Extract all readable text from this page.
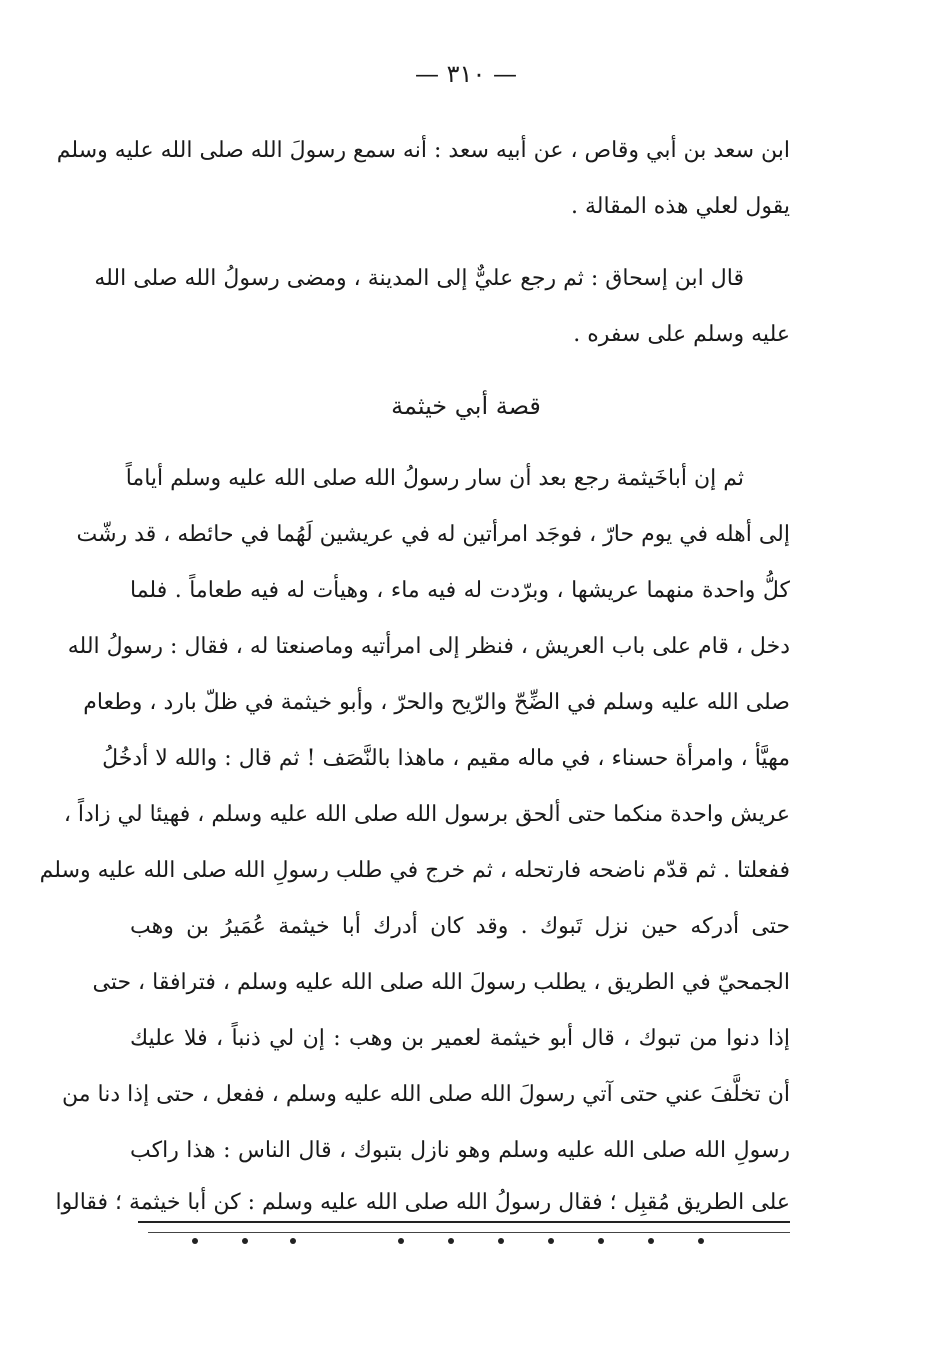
— ٣١٠ —
ابن سعد بن أبي وقاص ، عن أبيه سعد : أنه سمع رسولَ الله صلى الله عليه وسلم
يقول لعلي هذه المقالة .
قال ابن إسحاق : ثم رجع عليٌّ إلى المدينة ، ومضى رسولُ الله صلى الله
عليه وسلم على سفره .
قصة أبي خيثمة
ثم إن أباخَيثمة رجع بعد أن سار رسولُ الله صلى الله عليه وسلم أياماً
إلى أهله في يوم حارّ ، فوجَد امرأتين له في عريشين لَهُما في حائطه ، قد رشّت
كلُّ واحدة منهما عريشها ، وبرّدت له فيه ماء ، وهيأت له فيه طعاماً . فلما
دخل ، قام على باب العريش ، فنظر إلى امرأتيه وماصنعتا له ، فقال : رسولُ الله
صلى الله عليه وسلم في الضِّحّ والرّيح والحرّ ، وأبو خيثمة في ظلّ بارد ، وطعام
مهيَّأ ، وامرأة حسناء ، في ماله مقيم ، ماهذا بالنَّصَف ! ثم قال : والله لا أدخُلُ
عريش واحدة منكما حتى ألحق برسول الله صلى الله عليه وسلم ، فهيئا لي زاداً ،
ففعلتا . ثم قدّم ناضحه فارتحله ، ثم خرج في طلب رسولِ الله صلى الله عليه وسلم
حتى أدركه حين نزل تَبوك . وقد كان أدرك أبا خيثمة عُمَيرُ بن وهب
الجمحيّ في الطريق ، يطلب رسولَ الله صلى الله عليه وسلم ، فترافقا ، حتى
إذا دنوا من تبوك ، قال أبو خيثمة لعمير بن وهب : إن لي ذنباً ، فلا عليك
أن تخلَّفَ عني حتى آتي رسولَ الله صلى الله عليه وسلم ، ففعل ، حتى إذا دنا من
رسولِ الله صلى الله عليه وسلم وهو نازل بتبوك ، قال الناس : هذا راكب
على الطريق مُقبِل ؛ فقال رسولُ الله صلى الله عليه وسلم : كن أبا خيثمة ؛ فقالوا
